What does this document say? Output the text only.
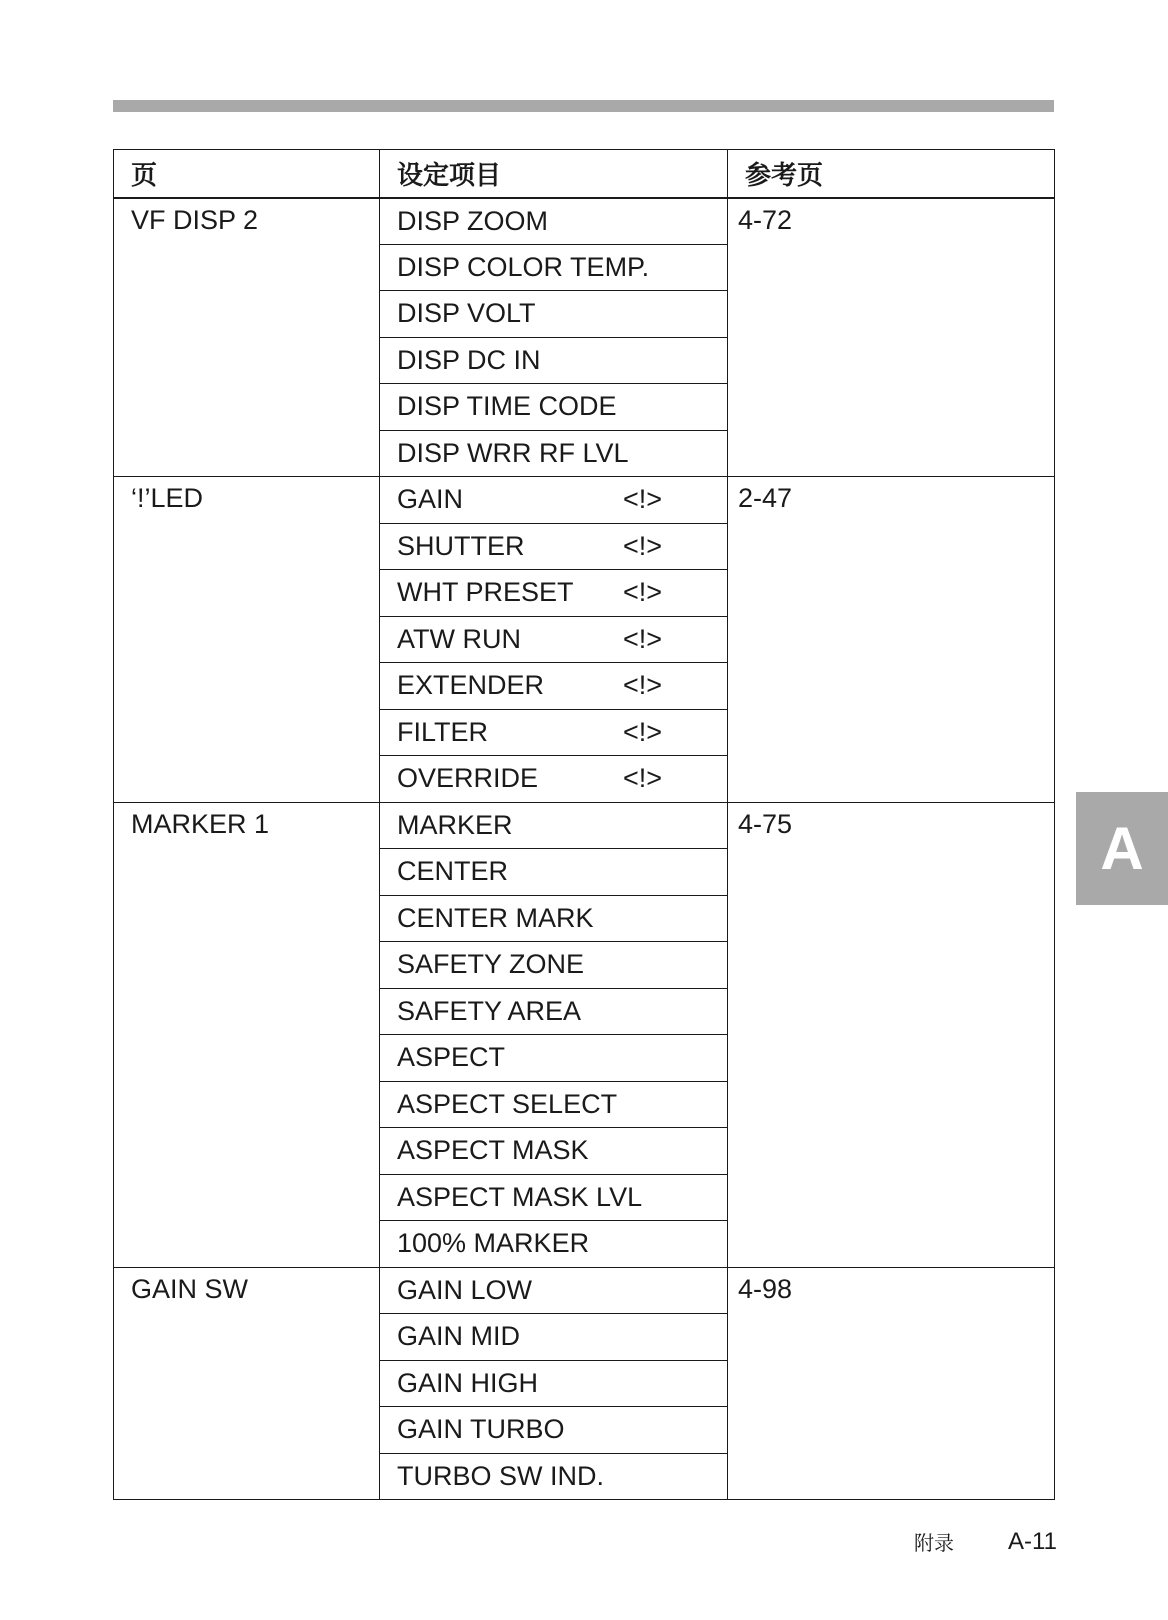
页	设定项目	参考页
VF DISP 2	DISP ZOOM	4-72

	DISP COLOR TEMP.	

	DISP VOLT	

	DISP DC IN	

	DISP TIME CODE	

	DISP WRR RF LVL	

‘!’LED	GAIN <!>	2-47

	SHUTTER <!>	

	WHT PRESET <!>	

	ATW RUN <!>	

	EXTENDER <!>	

	FILTER <!>	

	OVERRIDE <!>	

MARKER 1	MARKER	4-75

	CENTER	

	CENTER MARK	

	SAFETY ZONE	

	SAFETY AREA	

	ASPECT	

	ASPECT SELECT	

	ASPECT MASK	

	ASPECT MASK LVL	

	100% MARKER	

GAIN SW	GAIN LOW	4-98

	GAIN MID	

	GAIN HIGH	

	GAIN TURBO	

	TURBO SW IND.	
A
附录 A-11
